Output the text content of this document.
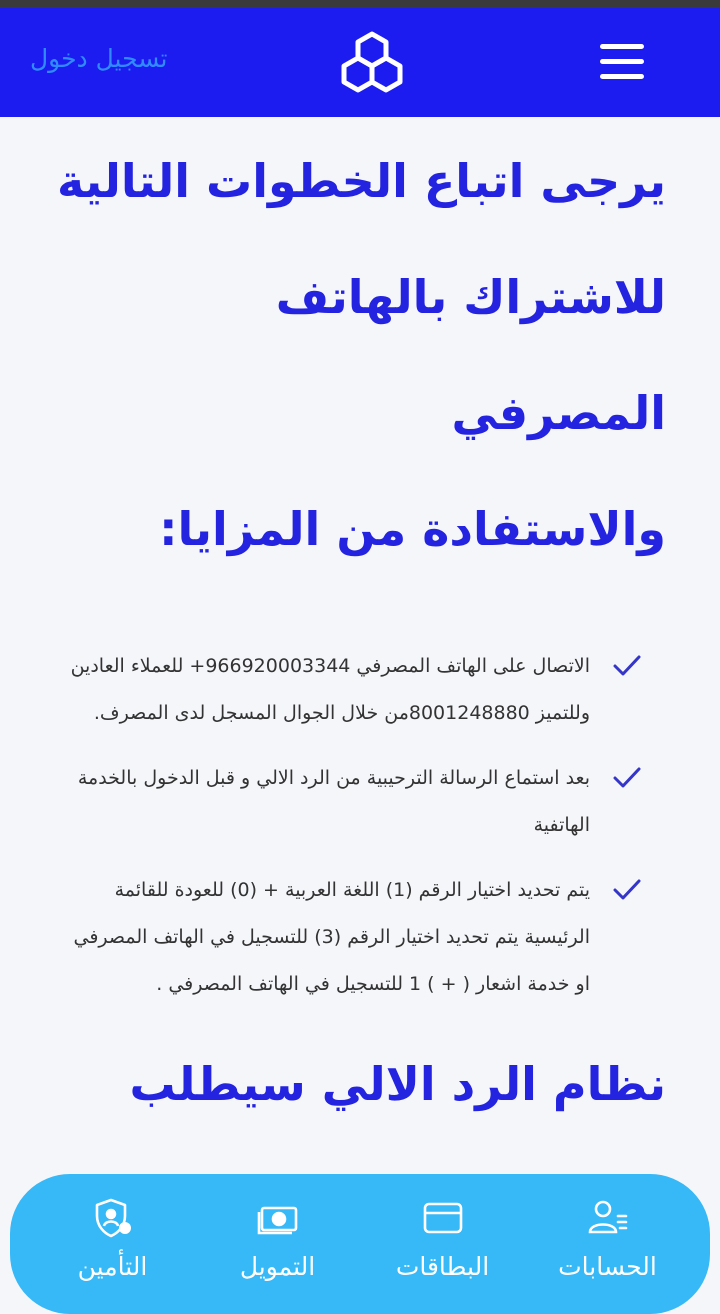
تسجيل دخول
يرجى اتباع الخطوات التالية
للاشتراك بالهاتف المصرفي
والاستفادة من المزايا:
الاتصال على الهاتف المصرفي 966920003344+ للعملاء العادين وللتميز 8001248880من خلال الجوال المسجل لدى المصرف.
بعد استماع الرسالة الترحيبية من الرد الالي و قبل الدخول بالخدمة الهاتفية
يتم تحديد اختيار الرقم (1) اللغة العربية + (0) للعودة للقائمة الرئيسية يتم تحديد اختيار الرقم (3) للتسجيل في الهاتف المصرفي او خدمة اشعار ( + ) 1 للتسجيل في الهاتف المصرفي .
نظام الرد الالي سيطلب
الحسابات
البطاقات
التمويل
التأمين
